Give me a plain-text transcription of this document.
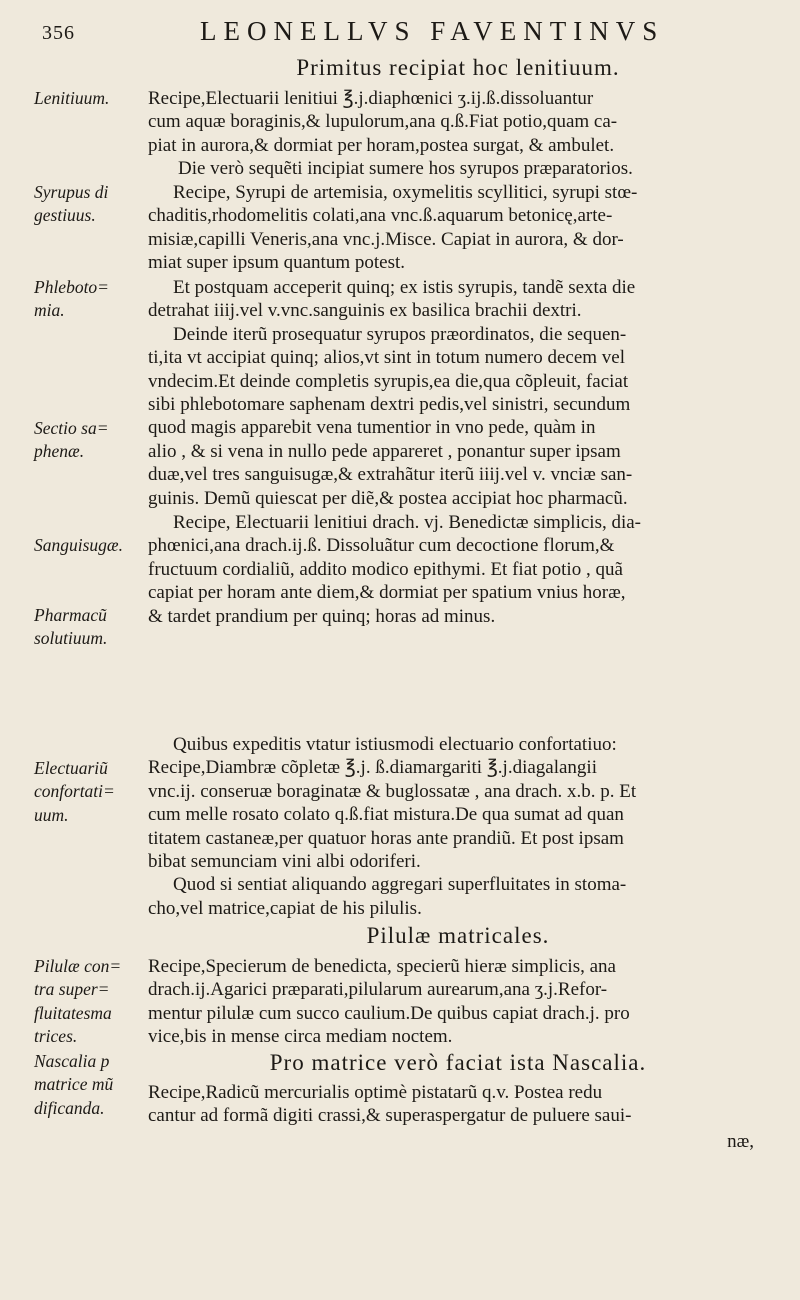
356	LEONELLVS FAVENTINVS
Primitus recipiat hoc lenitiuum.
Recipe,Electuarii lenitiui ℥.j.diaphœnici ʒ.ij.ß.dissoluantur
cum aquæ boraginis,& lupulorum,ana q.ß.Fiat potio,quam ca-
piat in aurora,& dormiat per horam,postea surgat, & ambulet.
Die verò sequẽti incipiat sumere hos syrupos præparatorios.
Lenitiuum.
Recipe, Syrupi de artemisia, oxymelitis scyllitici, syrupi stœ-
chaditis,rhodomelitis colati,ana vnc.ß.aquarum betonicę,arte-
misiæ,capilli Veneris,ana vnc.j.Misce. Capiat in aurora, & dor-
miat super ipsum quantum potest.
Syrupus di
gestiuus.
Et postquam acceperit quinq; ex istis syrupis, tandẽ sexta die
detrahat iiij.vel v.vnc.sanguinis ex basilica brachii dextri.
Deinde iterũ prosequatur syrupos præordinatos, die sequen-
ti,ita vt accipiat quinq; alios,vt sint in totum numero decem vel
vndecim.Et deinde completis syrupis,ea die,qua cõpleuit, faciat
sibi phlebotomare saphenam dextri pedis,vel sinistri, secundum
quod magis apparebit vena tumentior in vno pede, quàm in
alio , & si vena in nullo pede appareret , ponantur super ipsam
duæ,vel tres sanguisugæ,& extrahãtur iterũ iiij.vel v. vnciæ san-
guinis. Demũ quiescat per diẽ,& postea accipiat hoc pharmacũ.
Phleboto=
mia.
Sectio sa=
phenæ.
Sanguisugæ.
Recipe, Electuarii lenitiui drach. vj. Benedictæ simplicis, dia-
phœnici,ana drach.ij.ß. Dissoluãtur cum decoctione florum,&
fructuum cordialiũ, addito modico epithymi. Et fiat potio , quã
capiat per horam ante diem,& dormiat per spatium vnius horæ,
& tardet prandium per quinq; horas ad minus.
Pharmacũ
solutiuum.
Quibus expeditis vtatur istiusmodi electuario confortatiuo:
Recipe,Diambræ cõpletæ ℥.j. ß.diamargariti ℥.j.diagalangii
vnc.ij. conseruæ boraginatæ & buglossatæ , ana drach. x.b. p. Et
cum melle rosato colato q.ß.fiat mistura.De qua sumat ad quan
titatem castaneæ,per quatuor horas ante prandiũ. Et post ipsam
bibat semunciam vini albi odoriferi.
Quod si sentiat aliquando aggregari superfluitates in stoma-
cho,vel matrice,capiat de his pilulis.
Electuariũ
confortati=
uum.
Pilulæ matricales.
Recipe,Specierum de benedicta, specierũ hieræ simplicis, ana
drach.ij.Agarici præparati,pilularum aurearum,ana ʒ.j.Refor-
mentur pilulæ cum succo caulium.De quibus capiat drach.j. pro
vice,bis in mense circa mediam noctem.
Pilulæ con=
tra super=
fluitatesma
trices.
Pro matrice verò faciat ista Nascalia.
Recipe,Radicũ mercurialis optimè pistatarũ q.v. Postea redu
cantur ad formã digiti crassi,& superaspergatur de puluere saui-
Nascalia p
matrice mũ
dificanda.
næ,
